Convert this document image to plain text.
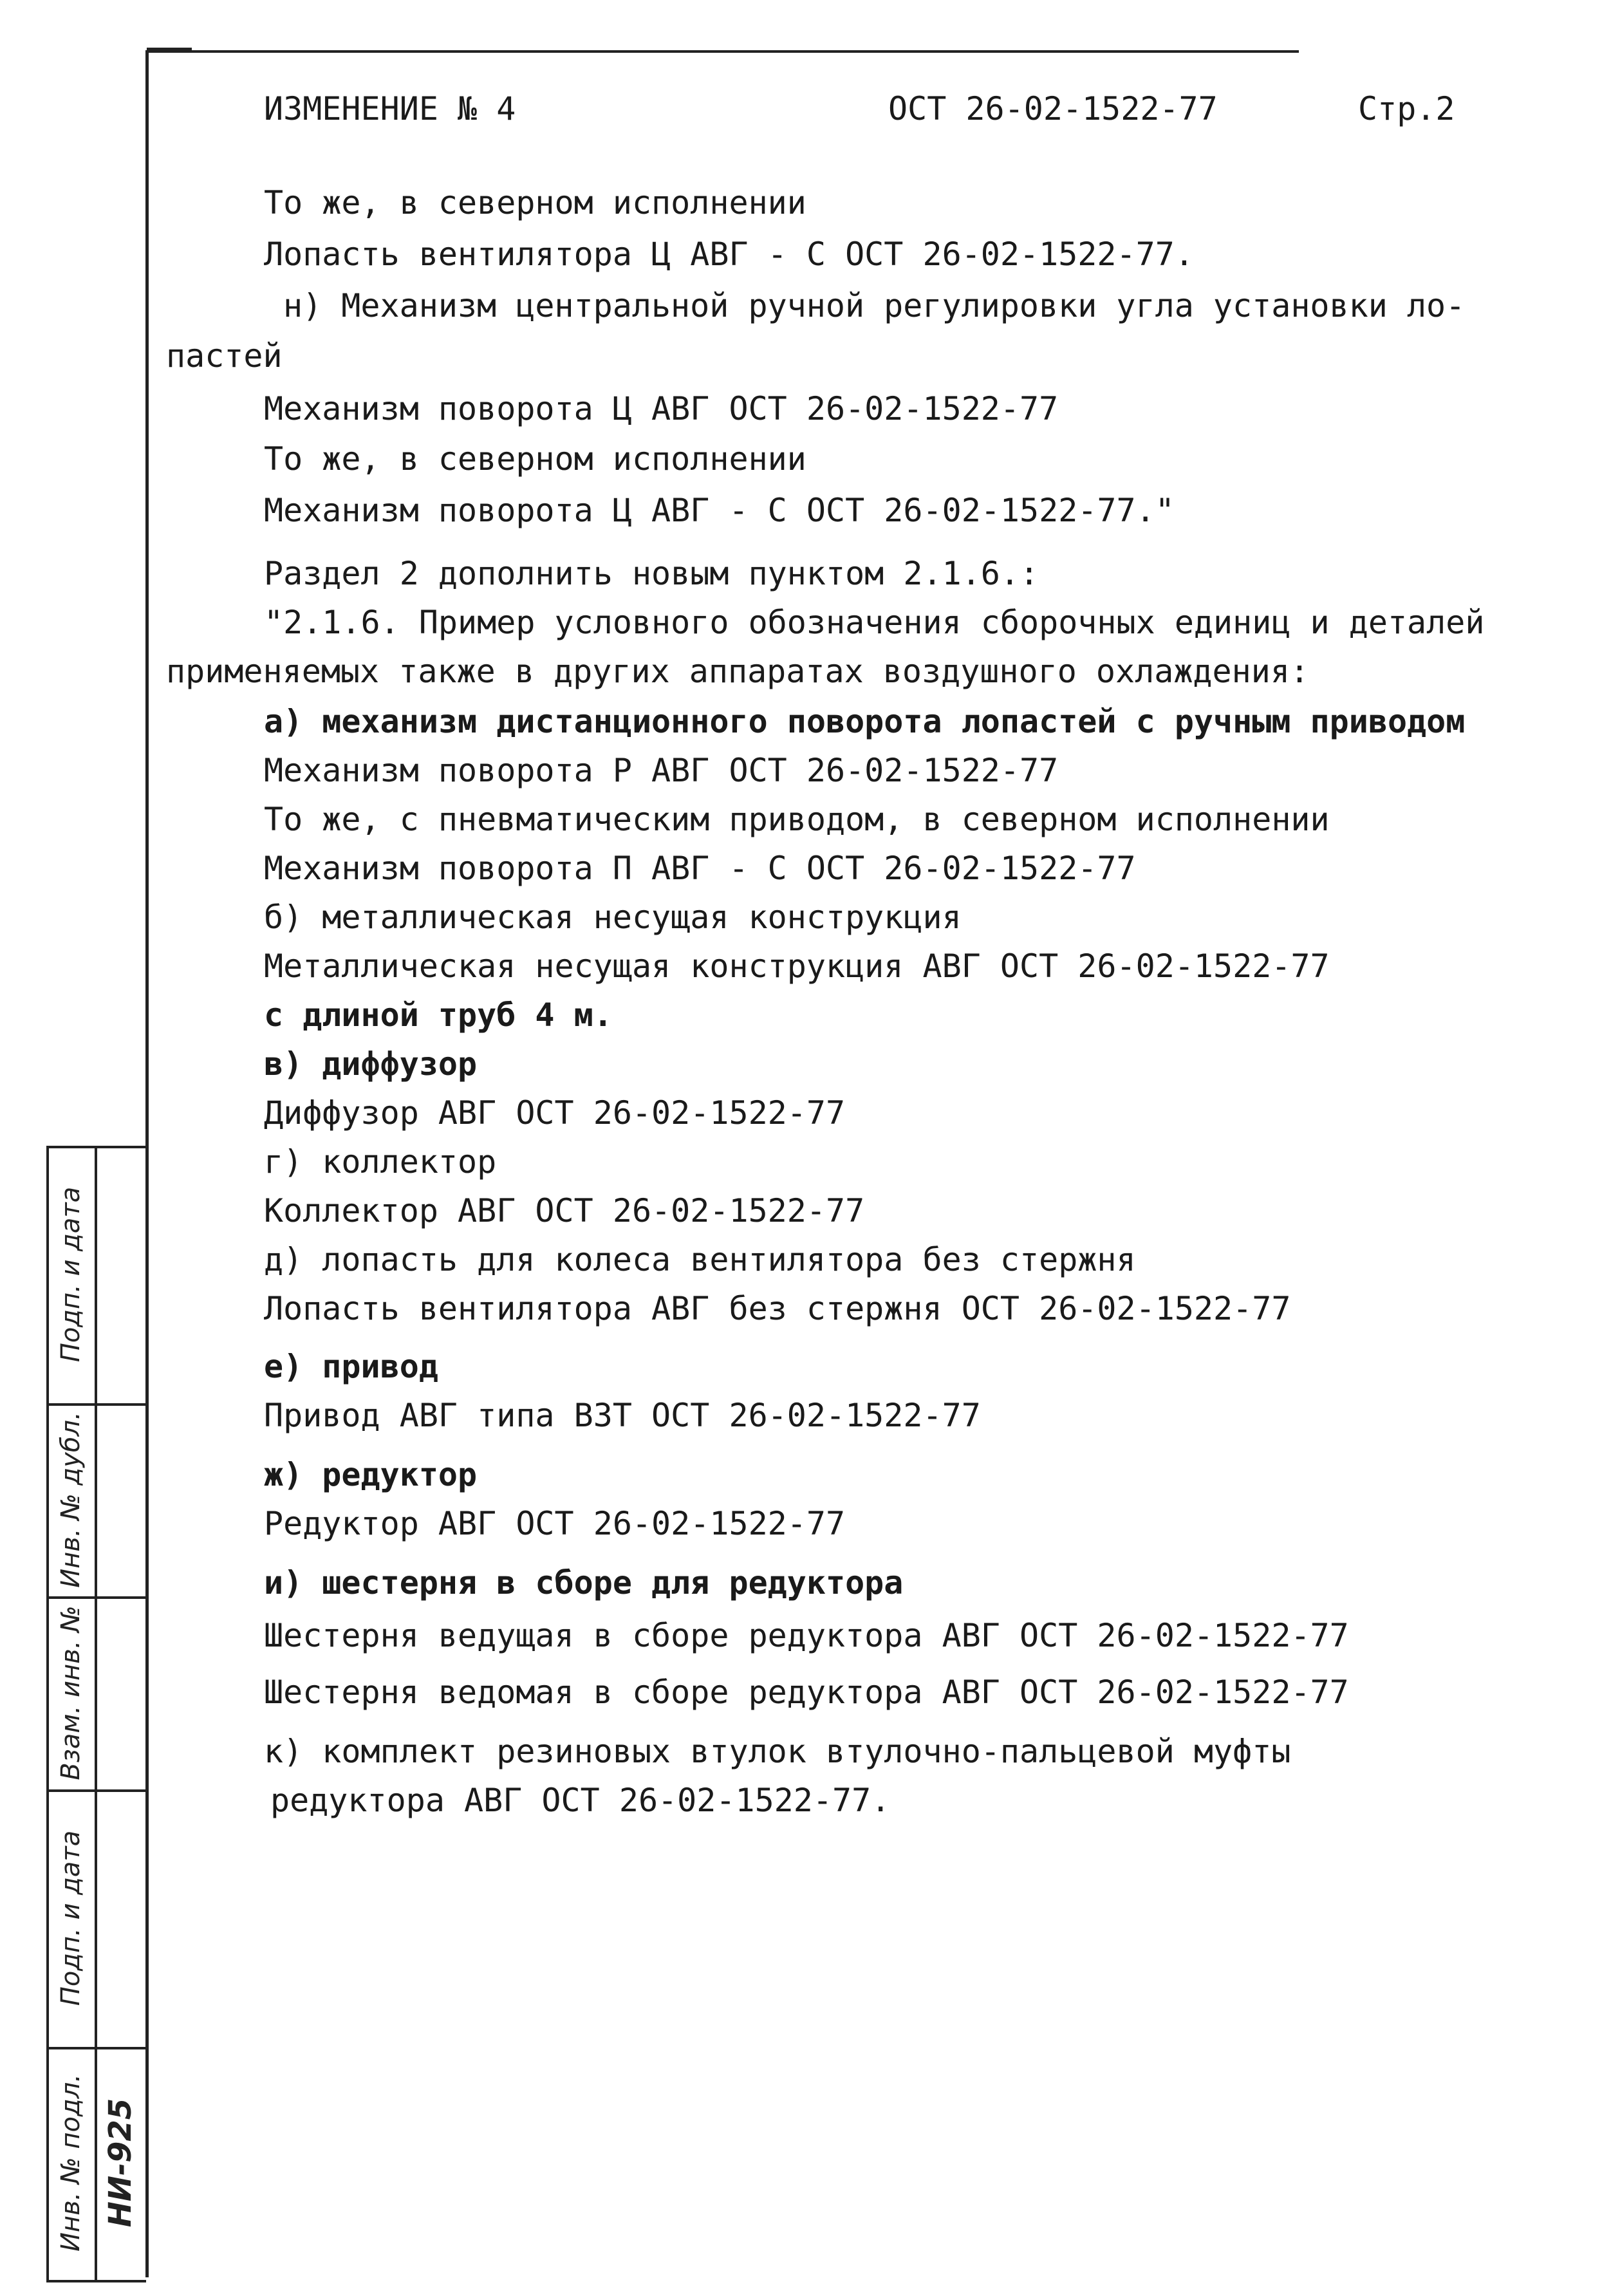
ИЗМЕНЕНИЕ № 4	ОСТ 26-02-1522-77	Стр.2
То же, в северном исполнении
Лопасть вентилятора Ц АВГ - С ОСТ 26-02-1522-77.
н) Механизм центральной ручной регулировки угла установки ло-
пастей
Механизм поворота Ц АВГ ОСТ 26-02-1522-77
То же, в северном исполнении
Механизм поворота Ц АВГ - С ОСТ 26-02-1522-77."
Раздел 2 дополнить новым пунктом 2.1.6.:
"2.1.6. Пример условного обозначения сборочных единиц и деталей
применяемых также в других аппаратах воздушного охлаждения:
а) механизм дистанционного поворота лопастей с ручным приводом
Механизм поворота Р АВГ ОСТ 26-02-1522-77
То же, с пневматическим приводом, в северном исполнении
Механизм поворота П АВГ - С ОСТ 26-02-1522-77
б) металлическая несущая конструкция
Металлическая несущая конструкция АВГ ОСТ 26-02-1522-77
с длиной труб 4 м.
в) диффузор
Диффузор АВГ ОСТ 26-02-1522-77
г) коллектор
Коллектор АВГ ОСТ 26-02-1522-77
д) лопасть для колеса вентилятора без стержня
Лопасть вентилятора АВГ без стержня ОСТ 26-02-1522-77
е) привод
Привод АВГ типа ВЗТ ОСТ 26-02-1522-77
ж) редуктор
Редуктор АВГ ОСТ 26-02-1522-77
и) шестерня в сборе для редуктора
Шестерня ведущая в сборе редуктора АВГ ОСТ 26-02-1522-77
Шестерня ведомая в сборе редуктора АВГ ОСТ 26-02-1522-77
к) комплект резиновых втулок втулочно-пальцевой муфты
редуктора АВГ ОСТ 26-02-1522-77.
Подп. и дата
Инв. № дубл.
Взам. инв. №
Подп. и дата
Инв. № подл. НИ-925
